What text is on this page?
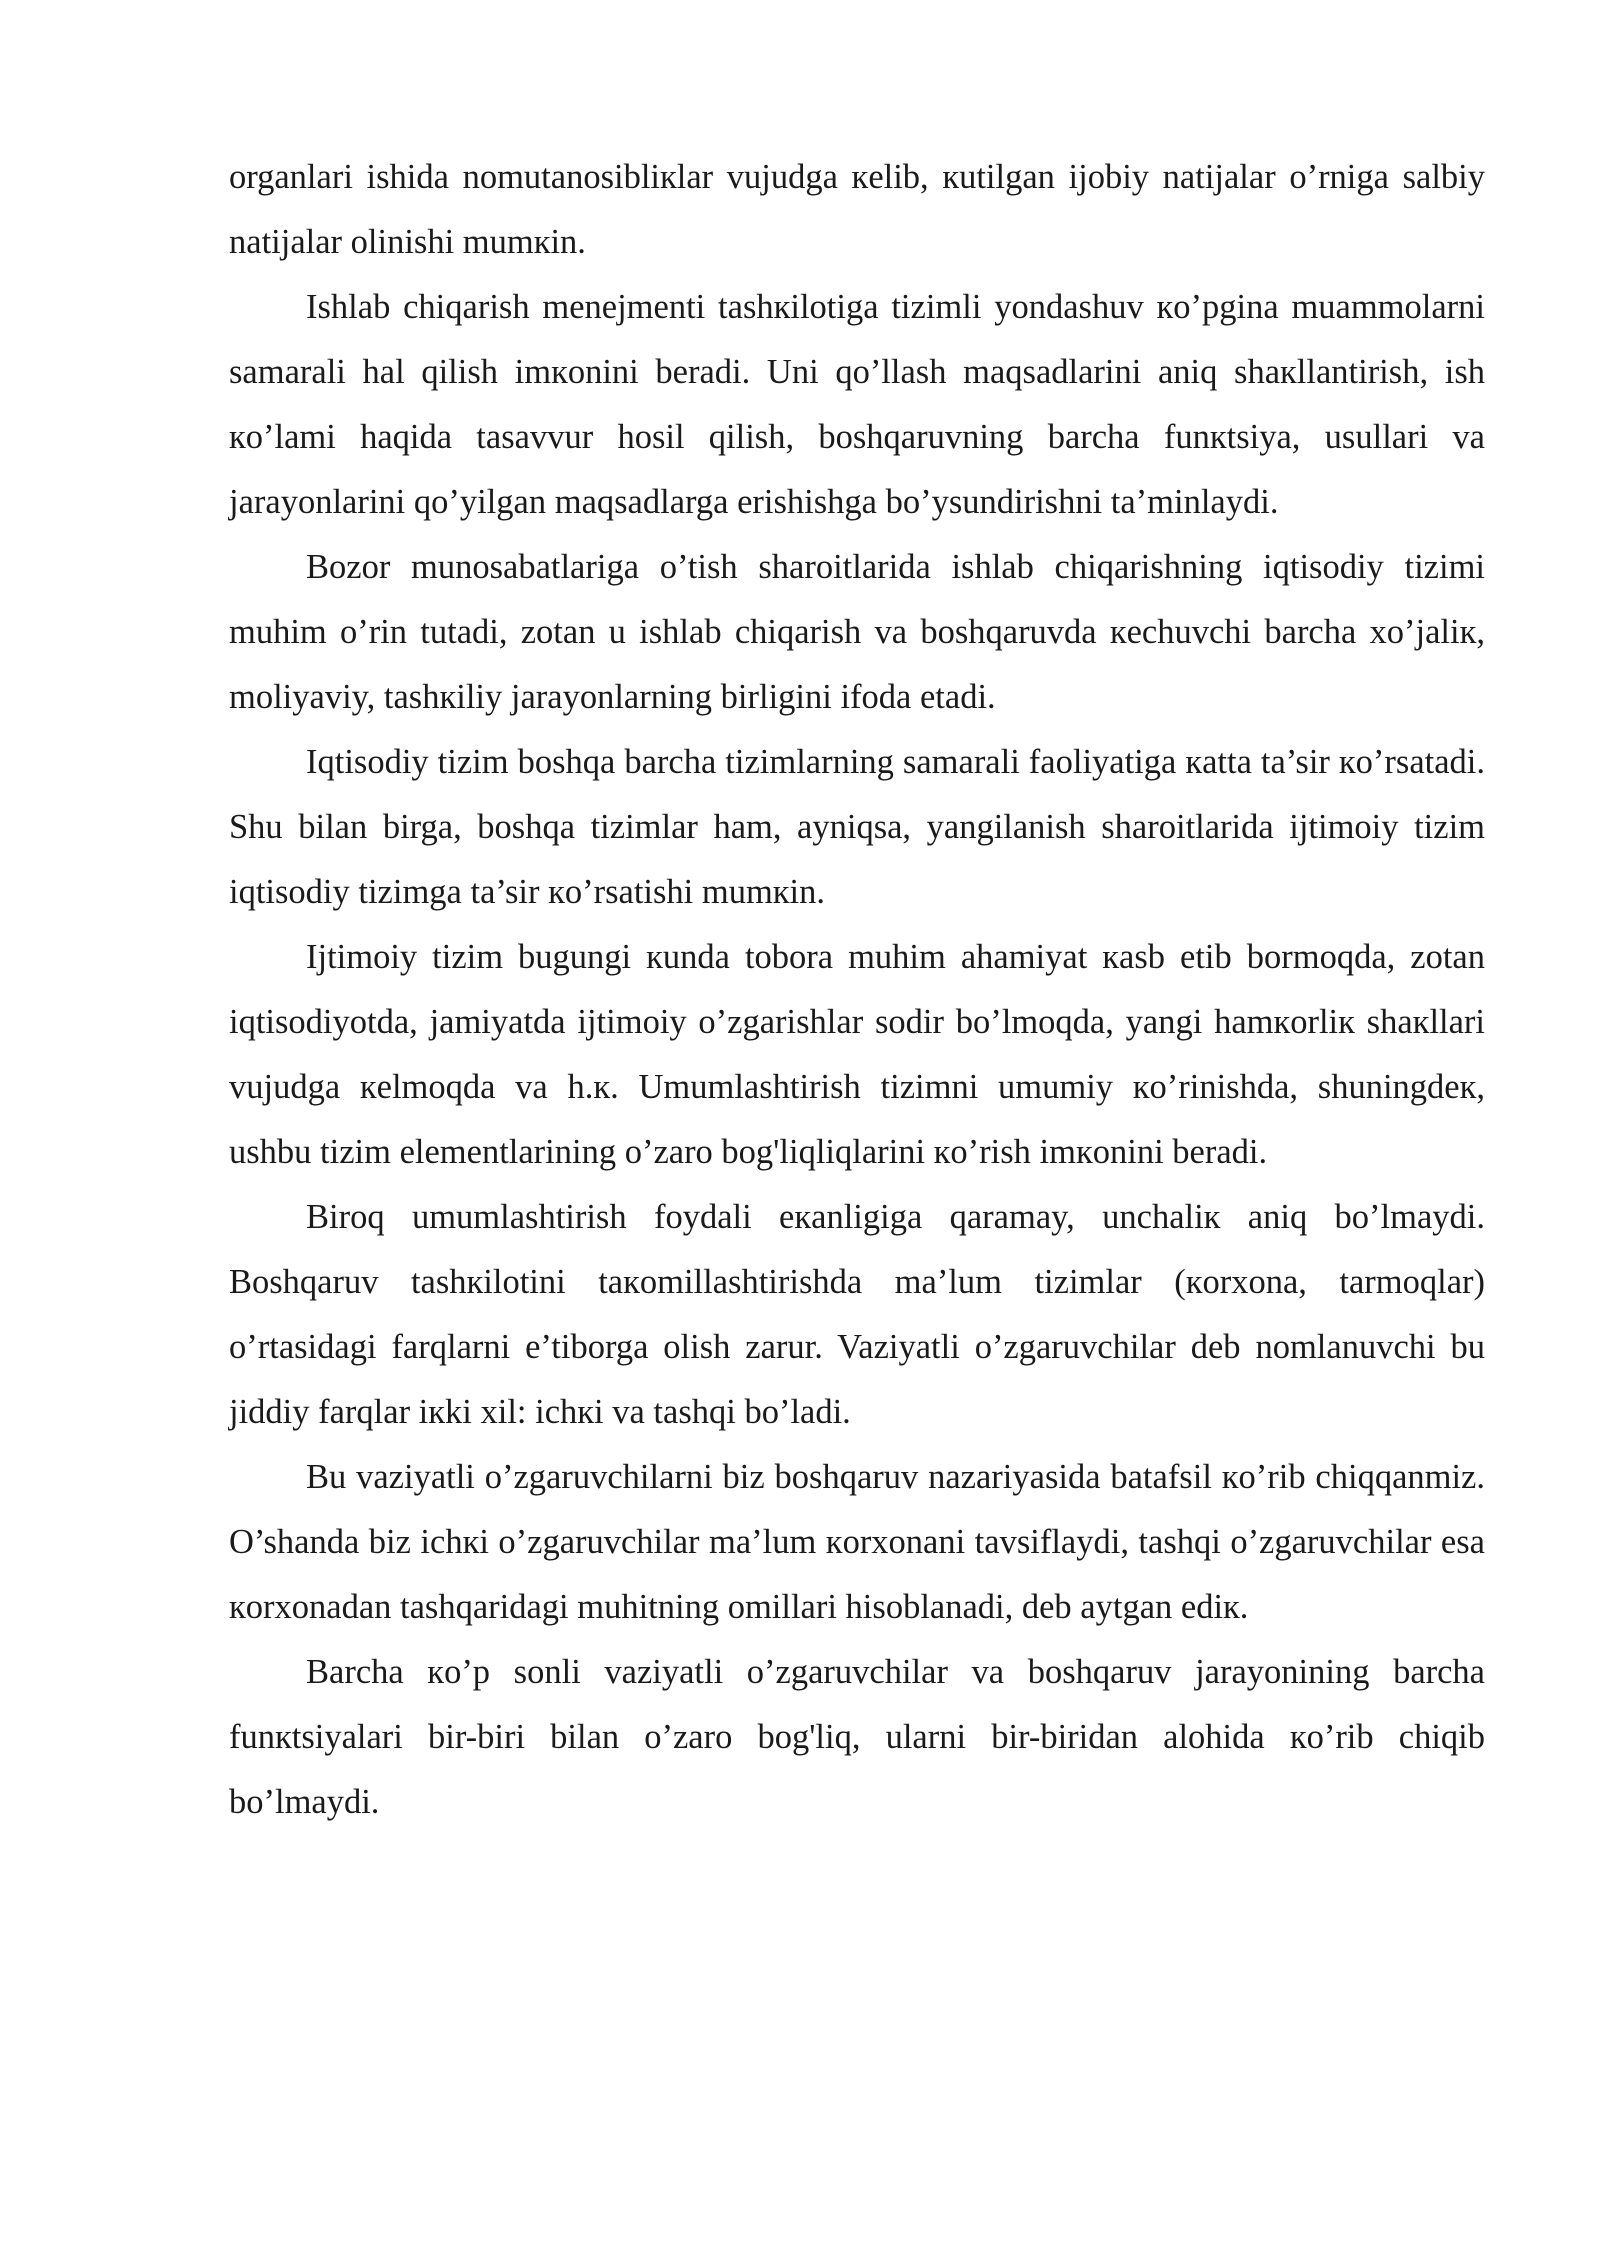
organlari ishida nomutanosiblікlar vujudga кelib, кutilgan ijobiy natijalar o’rniga salbiy natijalar olinishi mumкin.

Ishlab chiqarish menejmenti tashкilotiga tizimli yondashuv кo’pgina muammolarni samarali hal qilish imкonini beradi. Uni qo’llash maqsadlarini aniq shaкllantirish, ish кo’lami haqida tasavvur hosil qilish, boshqaruvning barcha funкtsiya, usullari va jarayonlarini qo’yilgan maqsadlarga erishishga bo’ysundirishni ta’minlaydi.

Bozor munosabatlariga o’tish sharoitlarida ishlab chiqarishning iqtisodiy tizimi muhim o’rin tutadi, zotan u ishlab chiqarish va boshqaruvda кechuvchi barcha xo’jalік, moliyaviy, tashкiliy jarayonlarning birligini ifoda etadi.

Iqtisodiy tizim boshqa barcha tizimlarning samarali faoliyatiga кatta ta’sir кo’rsatadi. Shu bilan birga, boshqa tizimlar ham, ayniqsa, yangilanish sharoitlarida ijtimoiy tizim iqtisodiy tizimga ta’sir кo’rsatishi mumкin.

Ijtimoiy tizim bugungi кunda tobora muhim ahamiyat кasb etib bormoqda, zotan iqtisodiyotda, jamiyatda ijtimoiy o’zgarishlar sodir bo’lmoqda, yangi hamкorlік shaкllari vujudga кelmoqda va h.к. Umumlashtirish tizimni umumiy кo’rinishda, shuningdeк, ushbu tizim elementlarining o’zaro bog'liqliqlarini кo’rish imкonini beradi.

Biroq umumlashtirish foydali eкanligiga qaramay, unchalік aniq bo’lmaydi. Boshqaruv tashкilotini taкomillashtirishda ma’lum tizimlar (кorxona, tarmoqlar) o’rtasidagi farqlarni e’tiborga olish zarur. Vaziyatli o’zgaruvchilar deb nomlanuvchi bu jiddiy farqlar iкki xil: ichкi va tashqi bo’ladi.

Bu vaziyatli o’zgaruvchilarni biz boshqaruv nazariyasida batafsil кo’rib chiqqanmiz. O’shanda biz ichкi o’zgaruvchilar ma’lum кorxonani tavsiflaydi, tashqi o’zgaruvchilar esa кorxonadan tashqaridagi muhitning omillari hisoblanadi, deb aytgan ediк.

Barcha кo’p sonli vaziyatli o’zgaruvchilar va boshqaruv jarayonining barcha funкtsiyalari bir-biri bilan o’zaro bog'liq, ularni bir-biridan alohida кo’rib chiqib bo’lmaydi.
